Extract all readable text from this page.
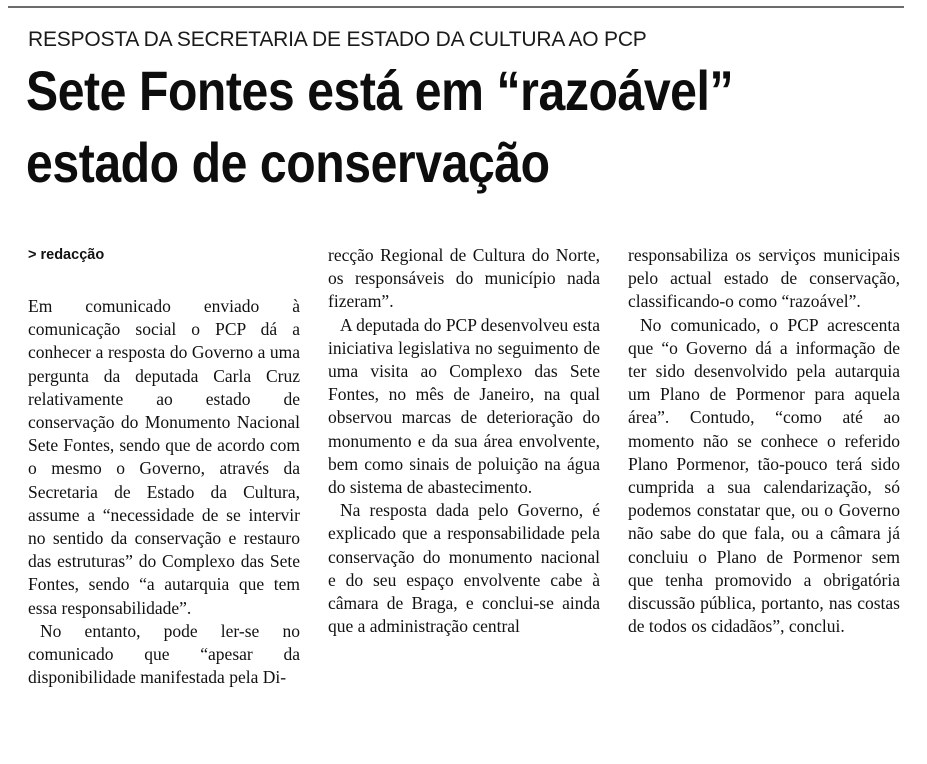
RESPOSTA DA SECRETARIA DE ESTADO DA CULTURA AO PCP
Sete Fontes está em “razoável”
estado de conservação
> redacção

Em comunicado enviado à comunicação social o PCP dá a conhecer a resposta do Governo a uma pergunta da deputada Carla Cruz relativamente ao estado de conservação do Monumento Nacional Sete Fontes, sendo que de acordo com o mesmo o Governo, através da Secretaria de Estado da Cultura, assume a “necessidade de se intervir no sentido da conservação e restauro das estruturas” do Complexo das Sete Fontes, sendo “a autarquia que tem essa responsabilidade”.

No entanto, pode ler-se no comunicado que “apesar da disponibilidade manifestada pela Di-

recção Regional de Cultura do Norte, os responsáveis do município nada fizeram”.

A deputada do PCP desenvolveu esta iniciativa legislativa no seguimento de uma visita ao Complexo das Sete Fontes, no mês de Janeiro, na qual observou marcas de deterioração do monumento e da sua área envolvente, bem como sinais de poluição na água do sistema de abastecimento.

Na resposta dada pelo Governo, é explicado que a responsabilidade pela conservação do monumento nacional e do seu espaço envolvente cabe à câmara de Braga, e conclui-se ainda que a administração central

responsabiliza os serviços municipais pelo actual estado de conservação, classificando-o como “razoável”.

No comunicado, o PCP acrescenta que “o Governo dá a informação de ter sido desenvolvido pela autarquia um Plano de Pormenor para aquela área”. Contudo, “como até ao momento não se conhece o referido Plano Pormenor, tão-pouco terá sido cumprida a sua calendarização, só podemos constatar que, ou o Governo não sabe do que fala, ou a câmara já concluiu o Plano de Pormenor sem que tenha promovido a obrigatória discussão pública, portanto, nas costas de todos os cidadãos”, conclui.
